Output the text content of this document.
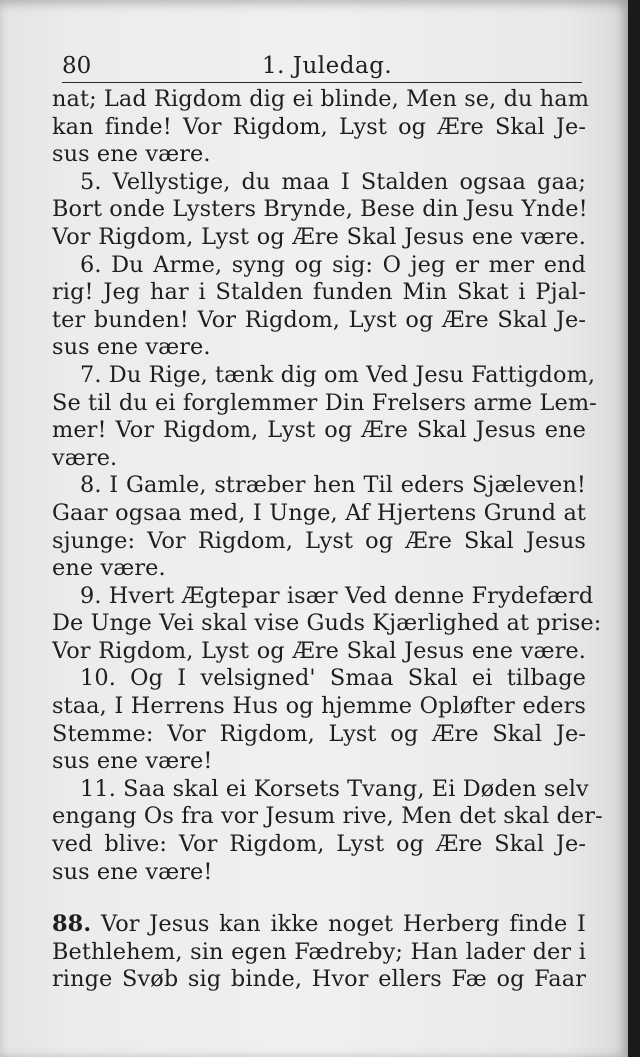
80	1. Juledag.
nat; Lad Rigdom dig ei blinde, Men se, du ham
kan finde! Vor Rigdom, Lyst og Ære Skal Je-
sus ene være.
5. Vellystige, du maa I Stalden ogsaa gaa;
Bort onde Lysters Brynde, Bese din Jesu Ynde!
Vor Rigdom, Lyst og Ære Skal Jesus ene være.
6. Du Arme, syng og sig: O jeg er mer end
rig! Jeg har i Stalden funden Min Skat i Pjal-
ter bunden! Vor Rigdom, Lyst og Ære Skal Je-
sus ene være.
7. Du Rige, tænk dig om Ved Jesu Fattigdom,
Se til du ei forglemmer Din Frelsers arme Lem-
mer! Vor Rigdom, Lyst og Ære Skal Jesus ene
være.
8. I Gamle, stræber hen Til eders Sjæleven!
Gaar ogsaa med, I Unge, Af Hjertens Grund at
sjunge: Vor Rigdom, Lyst og Ære Skal Jesus
ene være.
9. Hvert Ægtepar især Ved denne Frydefærd
De Unge Vei skal vise Guds Kjærlighed at prise:
Vor Rigdom, Lyst og Ære Skal Jesus ene være.
10. Og I velsigned' Smaa Skal ei tilbage
staa, I Herrens Hus og hjemme Opløfter eders
Stemme: Vor Rigdom, Lyst og Ære Skal Je-
sus ene være!
11. Saa skal ei Korsets Tvang, Ei Døden selv
engang Os fra vor Jesum rive, Men det skal der-
ved blive: Vor Rigdom, Lyst og Ære Skal Je-
sus ene være!
88. Vor Jesus kan ikke noget Herberg finde I
Bethlehem, sin egen Fædreby; Han lader der i
ringe Svøb sig binde, Hvor ellers Fæ og Faar
